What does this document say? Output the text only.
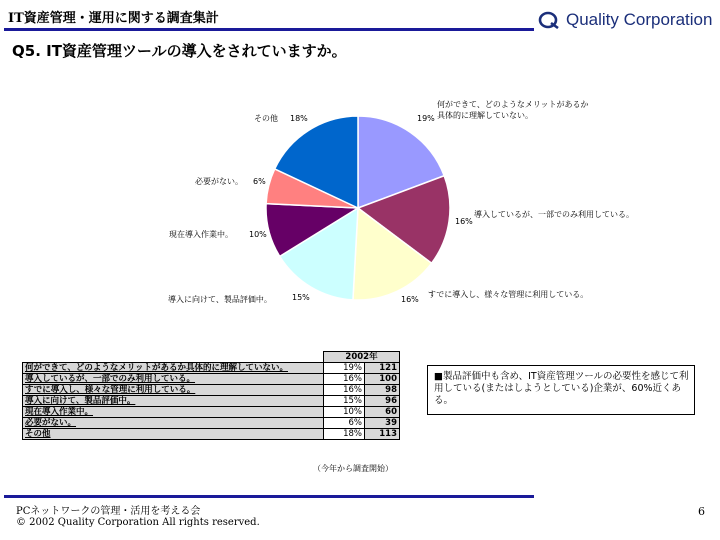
IT資産管理・運用に関する調査集計	Quality Corporation
Q5. IT資産管理ツールの導入をされていますか。
何ができて、どのようなメリットがあるか
具体的に理解していない。
19%
16%
導入しているが、一部でのみ利用している。
16%
すでに導入し、様々な管理に利用している。
導入に向けて、製品評価中。	15%
現在導入作業中。 10%
必要がない。 6%
その他 18%
	2002年	
何ができて、どのようなメリットがあるか具体的に理解していない。	19%	121
導入しているが、一部でのみ利用している。	16%	100
すでに導入し、様々な管理に利用している。	16%	98
導入に向けて、製品評価中。	15%	96
現在導入作業中。	10%	60
必要がない。	6%	39
その他	18%	113
（今年から調査開始）
■製品評価中も含め、IT資産管理ツールの必要性を感じて利用している(またはしようとしている)企業が、60%近くある。
PCネットワークの管理・活用を考える会
© 2002 Quality Corporation All rights reserved.
6
